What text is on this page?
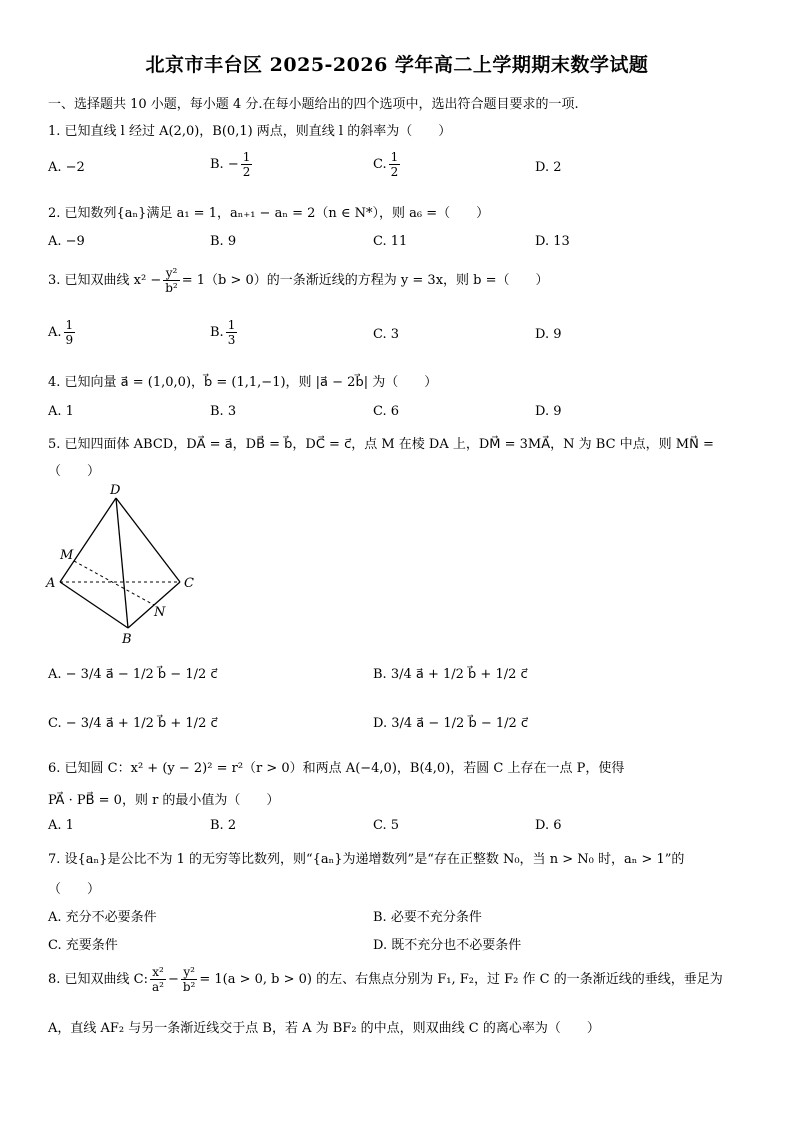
北京市丰台区 2025-2026 学年高二上学期期末数学试题
一、选择题共 10 小题，每小题 4 分.在每小题给出的四个选项中，选出符合题目要求的一项.
1. 已知直线 l 经过 A(2,0)，B(0,1) 两点，则直线 l 的斜率为（　　）
A. −2	B. − $\frac{1}{2}$	C. $\frac{1}{2}$	D. 2
2. 已知数列{aₙ}满足 a₁ = 1，aₙ₊₁ − aₙ = 2（n ∈ N*），则 a₆ =（　　）
A. −9	B. 9	C. 11	D. 13
3. 已知双曲线 $x^2 - \frac{\text{y²}}{\text{b²}} = 1(b > 0)$的一条渐近线的方程为 y = 3x，则 b =（　　）
A. $\frac{1}{9}$	B. $\frac{1}{3}$	C. 3	D. 9
4. 已知向量 a⃗ = (1,0,0)，b⃗ = (1,1,−1)，则 |a⃗ − 2b⃗| 为（　　）
A. 1	B. 3	C. 6	D. 9
5. 已知四面体 ABCD，DA⃗ = a⃗，DB⃗ = b⃗，DC⃗ = c⃗，点 M 在棱 DA 上，DM⃗ = 3MA⃗，N 为 BC 中点，则 MN⃗ =
（　　）
D
M
A	C
N
B
A. − 3/4 a⃗ − 1/2 b⃗ − 1/2 c⃗	B. 3/4 a⃗ + 1/2 b⃗ + 1/2 c⃗
C. − 3/4 a⃗ + 1/2 b⃗ + 1/2 c⃗	D. 3/4 a⃗ − 1/2 b⃗ − 1/2 c⃗
6. 已知圆 C：x² + (y − 2)² = r²（r > 0）和两点 A(−4,0)，B(4,0)，若圆 C 上存在一点 P，使得
PA⃗ · PB⃗ = 0，则 r 的最小值为（　　）
A. 1	B. 2	C. 5	D. 6
7. 设{aₙ}是公比不为 1 的无穷等比数列，则“{aₙ}为递增数列”是“存在正整数 N₀，当 n > N₀ 时，aₙ > 1”的
（　　）
A. 充分不必要条件	B. 必要不充分条件
C. 充要条件	D. 既不充分也不必要条件
8. 已知双曲线 C: $\frac{\text{x²}}{\text{a²}} - \frac{\text{y²}}{\text{b²}} = 1(a > 0$, b > 0) 的左、右焦点分别为 F₁, F₂，过 F₂ 作 C 的一条渐近线的垂线，垂足为
A，直线 AF₂ 与另一条渐近线交于点 B，若 A 为 BF₂ 的中点，则双曲线 C 的离心率为（　　）
